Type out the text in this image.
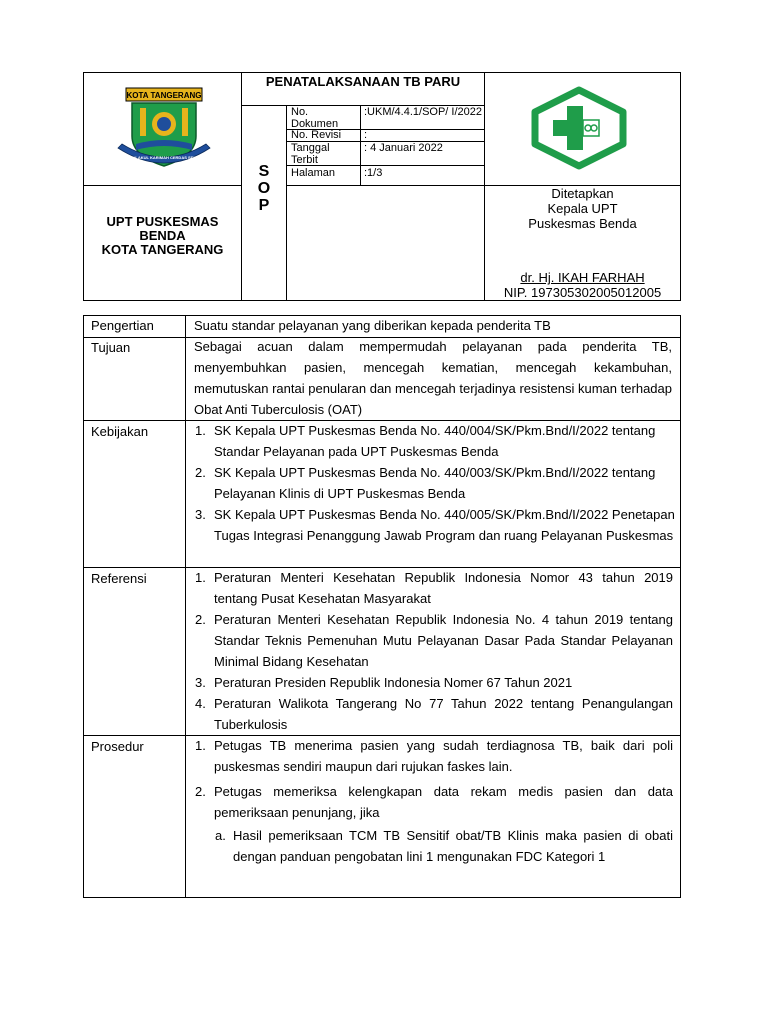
KOTA TANGERANG
AKHLAKUL KARIMAH CERDAS SEHAT
PENATALAKSANAAN TB PARU
S
O
P
No. Dokumen
:UKM/4.4.1/SOP/ I/2022
No. Revisi	:
Tanggal Terbit
: 4 Januari 2022
Halaman	:1/3
UPT PUSKESMAS
BENDA
KOTA TANGERANG
Ditetapkan
Kepala UPT
Puskesmas Benda
dr. Hj. IKAH FARHAH
NIP. 197305302005012005
Pengertian	Suatu standar pelayanan yang diberikan kepada penderita TB
Tujuan	Sebagai acuan dalam mempermudah pelayanan pada penderita TB, menyembuhkan pasien, mencegah kematian, mencegah kekambuhan, memutuskan rantai penularan dan mencegah terjadinya resistensi kuman terhadap Obat Anti Tuberculosis (OAT)
Kebijakan	1. SK Kepala UPT Puskesmas Benda No. 440/004/SK/Pkm.Bnd/I/2022 tentang Standar Pelayanan pada UPT Puskesmas Benda
2. SK Kepala UPT Puskesmas Benda No. 440/003/SK/Pkm.Bnd/I/2022 tentang Pelayanan Klinis di UPT Puskesmas Benda
3. SK Kepala UPT Puskesmas Benda No. 440/005/SK/Pkm.Bnd/I/2022 Penetapan Tugas Integrasi Penanggung Jawab Program dan ruang Pelayanan Puskesmas
Referensi	1. Peraturan Menteri Kesehatan Republik Indonesia Nomor 43 tahun 2019 tentang Pusat Kesehatan Masyarakat
2. Peraturan Menteri Kesehatan Republik Indonesia No. 4 tahun 2019 tentang Standar Teknis Pemenuhan Mutu Pelayanan Dasar Pada Standar Pelayanan Minimal Bidang Kesehatan
3. Peraturan Presiden Republik Indonesia Nomer 67 Tahun 2021
4. Peraturan Walikota Tangerang No 77 Tahun 2022 tentang Penangulangan Tuberkulosis
Prosedur	1. Petugas TB menerima pasien yang sudah terdiagnosa TB, baik dari poli puskesmas sendiri maupun dari rujukan faskes lain.
2. Petugas memeriksa kelengkapan data rekam medis pasien dan data pemeriksaan penunjang, jika
a. Hasil pemeriksaan TCM TB Sensitif obat/TB Klinis maka pasien di obati dengan panduan pengobatan lini 1 mengunakan FDC Kategori 1
